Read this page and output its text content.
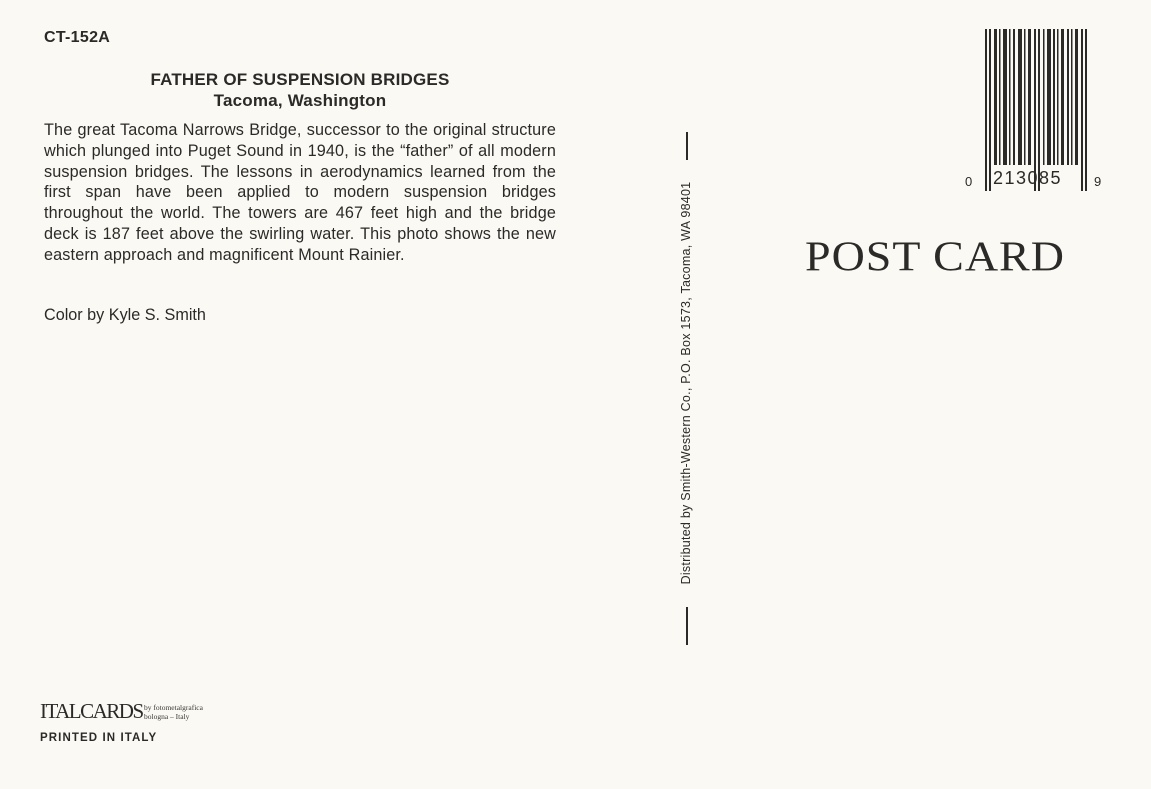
CT-152A
FATHER OF SUSPENSION BRIDGES
Tacoma, Washington
The great Tacoma Narrows Bridge, successor to the original structure which plunged into Puget Sound in 1940, is the “father” of all modern suspension bridges. The lessons in aerodynamics learned from the first span have been applied to modern suspension bridges throughout the world. The towers are 467 feet high and the bridge deck is 187 feet above the swirling water. This photo shows the new eastern approach and magnificent Mount Rainier.
Color by Kyle S. Smith	Distributed by Smith-Western Co., P.O. Box 1573, Tacoma, WA 98401
0 213085 9
POST CARD
ITALCARDS by fotometalgrafica
bologna – Italy
PRINTED IN ITALY
